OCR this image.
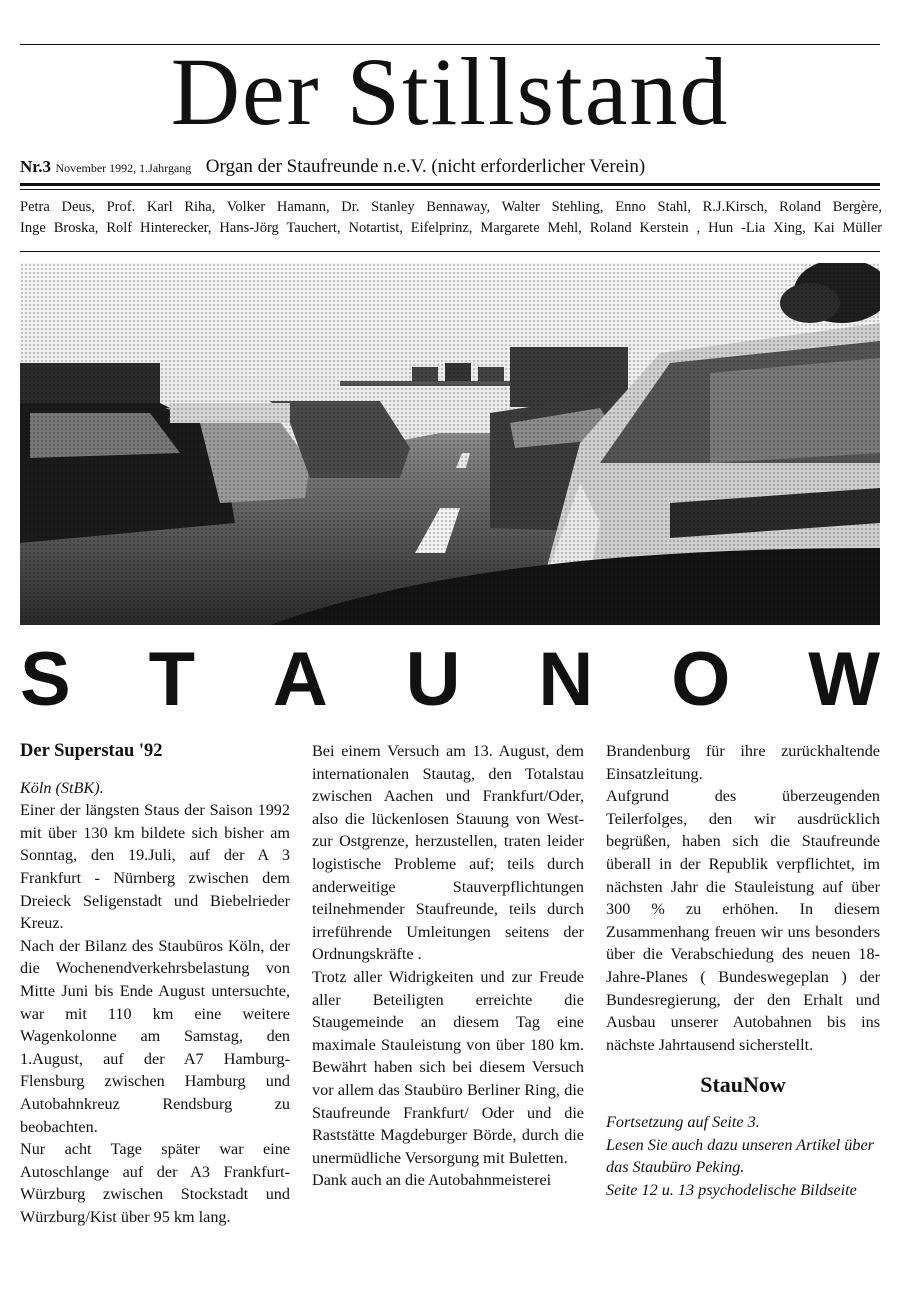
Der Stillstand
Nr.3 November 1992, 1.Jahrgang Organ der Staufreunde n.e.V. (nicht erforderlicher Verein)
Petra Deus, Prof. Karl Riha, Volker Hamann, Dr. Stanley Bennaway, Walter Stehling, Enno Stahl, R.J.Kirsch, Roland Bergère,
Inge Broska, Rolf Hinterecker, Hans-Jörg Tauchert, Notartist, Eifelprinz, Margarete Mehl, Roland Kerstein , Hun -Lia Xing, Kai Müller
S T A U N O W

Der Superstau '92

Köln (StBK).

Einer der längsten Staus der Saison 1992 mit über 130 km bildete sich bisher am Sonntag, den 19.Juli, auf der A 3 Frankfurt - Nürnberg zwischen dem Dreieck Seligenstadt und Biebelrieder Kreuz.

Nach der Bilanz des Staubüros Köln, der die Wochenendverkehrsbelastung von Mitte Juni bis Ende August untersuchte, war mit 110 km eine weitere Wagenkolonne am Samstag, den 1.August, auf der A7 Hamburg-Flensburg zwischen Hamburg und Autobahnkreuz Rendsburg zu beobachten.

Nur acht Tage später war eine Autoschlange auf der A3 Frankfurt-Würzburg zwischen Stockstadt und Würzburg/Kist über 95 km lang.

Bei einem Versuch am 13. August, dem internationalen Stautag, den Totalstau zwischen Aachen und Frankfurt/Oder, also die lückenlosen Stauung von West- zur Ostgrenze, herzustellen, traten leider logistische Probleme auf; teils durch anderweitige Stauverpflichtungen teilnehmender Staufreunde, teils durch irreführende Umleitungen seitens der Ordnungskräfte .

Trotz aller Widrigkeiten und zur Freude aller Beteiligten erreichte die Staugemeinde an diesem Tag eine maximale Stauleistung von über 180 km. Bewährt haben sich bei diesem Versuch vor allem das Staubüro Berliner Ring, die Staufreunde Frankfurt/ Oder und die Raststätte Magdeburger Börde, durch die unermüdliche Versorgung mit Buletten.

Dank auch an die Autobahnmeisterei

Brandenburg für ihre zurückhaltende Einsatzleitung.

Aufgrund des überzeugenden Teilerfolges, den wir ausdrücklich begrüßen, haben sich die Staufreunde überall in der Republik verpflichtet, im nächsten Jahr die Stauleistung auf über 300 % zu erhöhen. In diesem Zusammenhang freuen wir uns besonders über die Verabschiedung des neuen 18-Jahre-Planes ( Bundeswegeplan ) der Bundesregierung, der den Erhalt und Ausbau unserer Autobahnen bis ins nächste Jahrtausend sicherstellt.

StauNow

Fortsetzung auf Seite 3.

Lesen Sie auch dazu unseren Artikel über das Staubüro Peking.

Seite 12 u. 13 psychodelische Bildseite
